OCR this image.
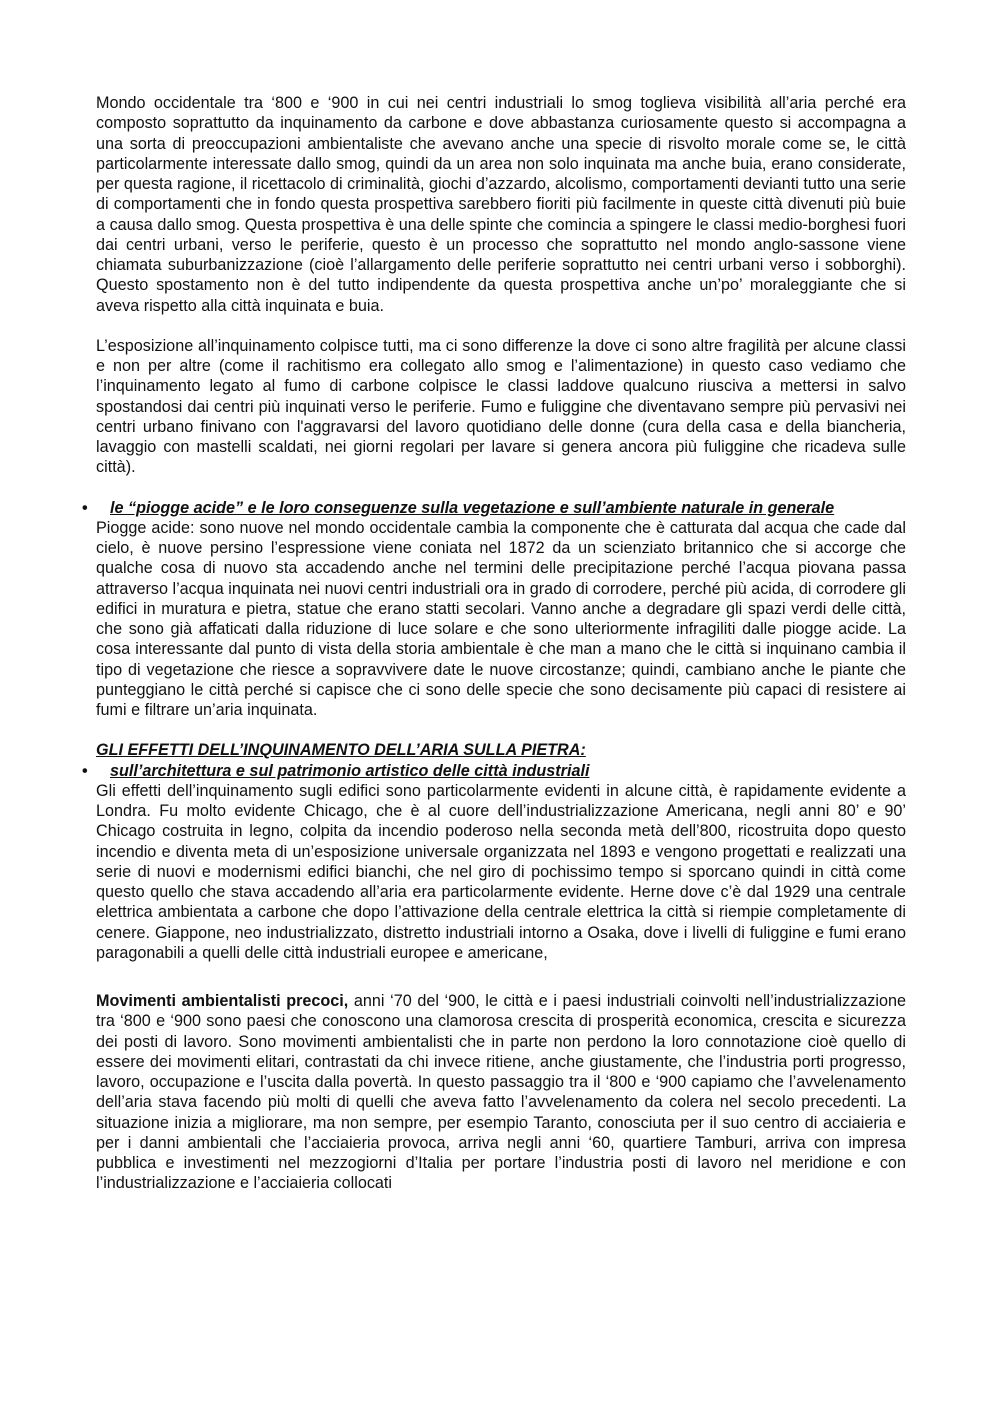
Mondo occidentale tra ‘800 e ‘900 in cui nei centri industriali lo smog toglieva visibilità all’aria perché era composto soprattutto da inquinamento da carbone e dove abbastanza curiosamente questo si accompagna a una sorta di preoccupazioni ambientaliste che avevano anche una specie di risvolto morale come se, le città particolarmente interessate dallo smog, quindi da un area non solo inquinata ma anche buia, erano considerate, per questa ragione, il ricettacolo di criminalità, giochi d’azzardo, alcolismo, comportamenti devianti tutto una serie di comportamenti che in fondo questa prospettiva sarebbero fioriti più facilmente in queste città divenuti più buie a causa dallo smog. Questa prospettiva è una delle spinte che comincia a spingere le classi medio-borghesi fuori dai centri urbani, verso le periferie, questo è un processo che soprattutto nel mondo anglo-sassone viene chiamata suburbanizzazione (cioè l’allargamento delle periferie soprattutto nei centri urbani verso i sobborghi). Questo spostamento non è del tutto indipendente da questa prospettiva anche un’po’ moraleggiante che si aveva rispetto alla città inquinata e buia.

L’esposizione all’inquinamento colpisce tutti, ma ci sono differenze la dove ci sono altre fragilità per alcune classi e non per altre (come il rachitismo era collegato allo smog e l’alimentazione) in questo caso vediamo che l’inquinamento legato al fumo di carbone colpisce le classi laddove qualcuno riusciva a mettersi in salvo spostandosi dai centri più inquinati verso le periferie. Fumo e fuliggine che diventavano sempre più pervasivi nei centri urbano finivano con l'aggravarsi del lavoro quotidiano delle donne (cura della casa e della biancheria, lavaggio con mastelli scaldati, nei giorni regolari per lavare si genera ancora più fuliggine che ricadeva sulle città).

• le “piogge acide” e le loro conseguenze sulla vegetazione e sull’ambiente naturale in generale

Piogge acide: sono nuove nel mondo occidentale cambia la componente che è catturata dal acqua che cade dal cielo, è nuove persino l’espressione viene coniata nel 1872 da un scienziato britannico che si accorge che qualche cosa di nuovo sta accadendo anche nel termini delle precipitazione perché l’acqua piovana passa attraverso l’acqua inquinata nei nuovi centri industriali ora in grado di corrodere, perché più acida, di corrodere gli edifici in muratura e pietra, statue che erano statti secolari. Vanno anche a degradare gli spazi verdi delle città, che sono già affaticati dalla riduzione di luce solare e che sono ulteriormente infragiliti dalle piogge acide. La cosa interessante dal punto di vista della storia ambientale è che man a mano che le città si inquinano cambia il tipo di vegetazione che riesce a sopravvivere date le nuove circostanze; quindi, cambiano anche le piante che punteggiano le città perché si capisce che ci sono delle specie che sono decisamente più capaci di resistere ai fumi e filtrare un’aria inquinata.

GLI EFFETTI DELL’INQUINAMENTO DELL’ARIA SULLA PIETRA:

• sull’architettura e sul patrimonio artistico delle città industriali

Gli effetti dell’inquinamento sugli edifici sono particolarmente evidenti in alcune città, è rapidamente evidente a Londra. Fu molto evidente Chicago, che è al cuore dell’industrializzazione Americana, negli anni 80’ e 90’ Chicago costruita in legno, colpita da incendio poderoso nella seconda metà dell’800, ricostruita dopo questo incendio e diventa meta di un’esposizione universale organizzata nel 1893 e vengono progettati e realizzati una serie di nuovi e modernismi edifici bianchi, che nel giro di pochissimo tempo si sporcano quindi in città come questo quello che stava accadendo all’aria era particolarmente evidente. Herne dove c’è dal 1929 una centrale elettrica ambientata a carbone che dopo l’attivazione della centrale elettrica la città si riempie completamente di cenere. Giappone, neo industrializzato, distretto industriali intorno a Osaka, dove i livelli di fuliggine e fumi erano paragonabili a quelli delle città industriali europee e americane,

Movimenti ambientalisti precoci, anni ‘70 del ‘900, le città e i paesi industriali coinvolti nell’industrializzazione tra ‘800 e ‘900 sono paesi che conoscono una clamorosa crescita di prosperità economica, crescita e sicurezza dei posti di lavoro. Sono movimenti ambientalisti che in parte non perdono la loro connotazione cioè quello di essere dei movimenti elitari, contrastati da chi invece ritiene, anche giustamente, che l’industria porti progresso, lavoro, occupazione e l’uscita dalla povertà. In questo passaggio tra il ‘800 e ‘900 capiamo che l’avvelenamento dell’aria stava facendo più molti di quelli che aveva fatto l’avvelenamento da colera nel secolo precedenti. La situazione inizia a migliorare, ma non sempre, per esempio Taranto, conosciuta per il suo centro di acciaieria e per i danni ambientali che l’acciaieria provoca, arriva negli anni ‘60, quartiere Tamburi, arriva con impresa pubblica e investimenti nel mezzogiorni d’Italia per portare l’industria posti di lavoro nel meridione e con l’industrializzazione e l’acciaieria collocati
